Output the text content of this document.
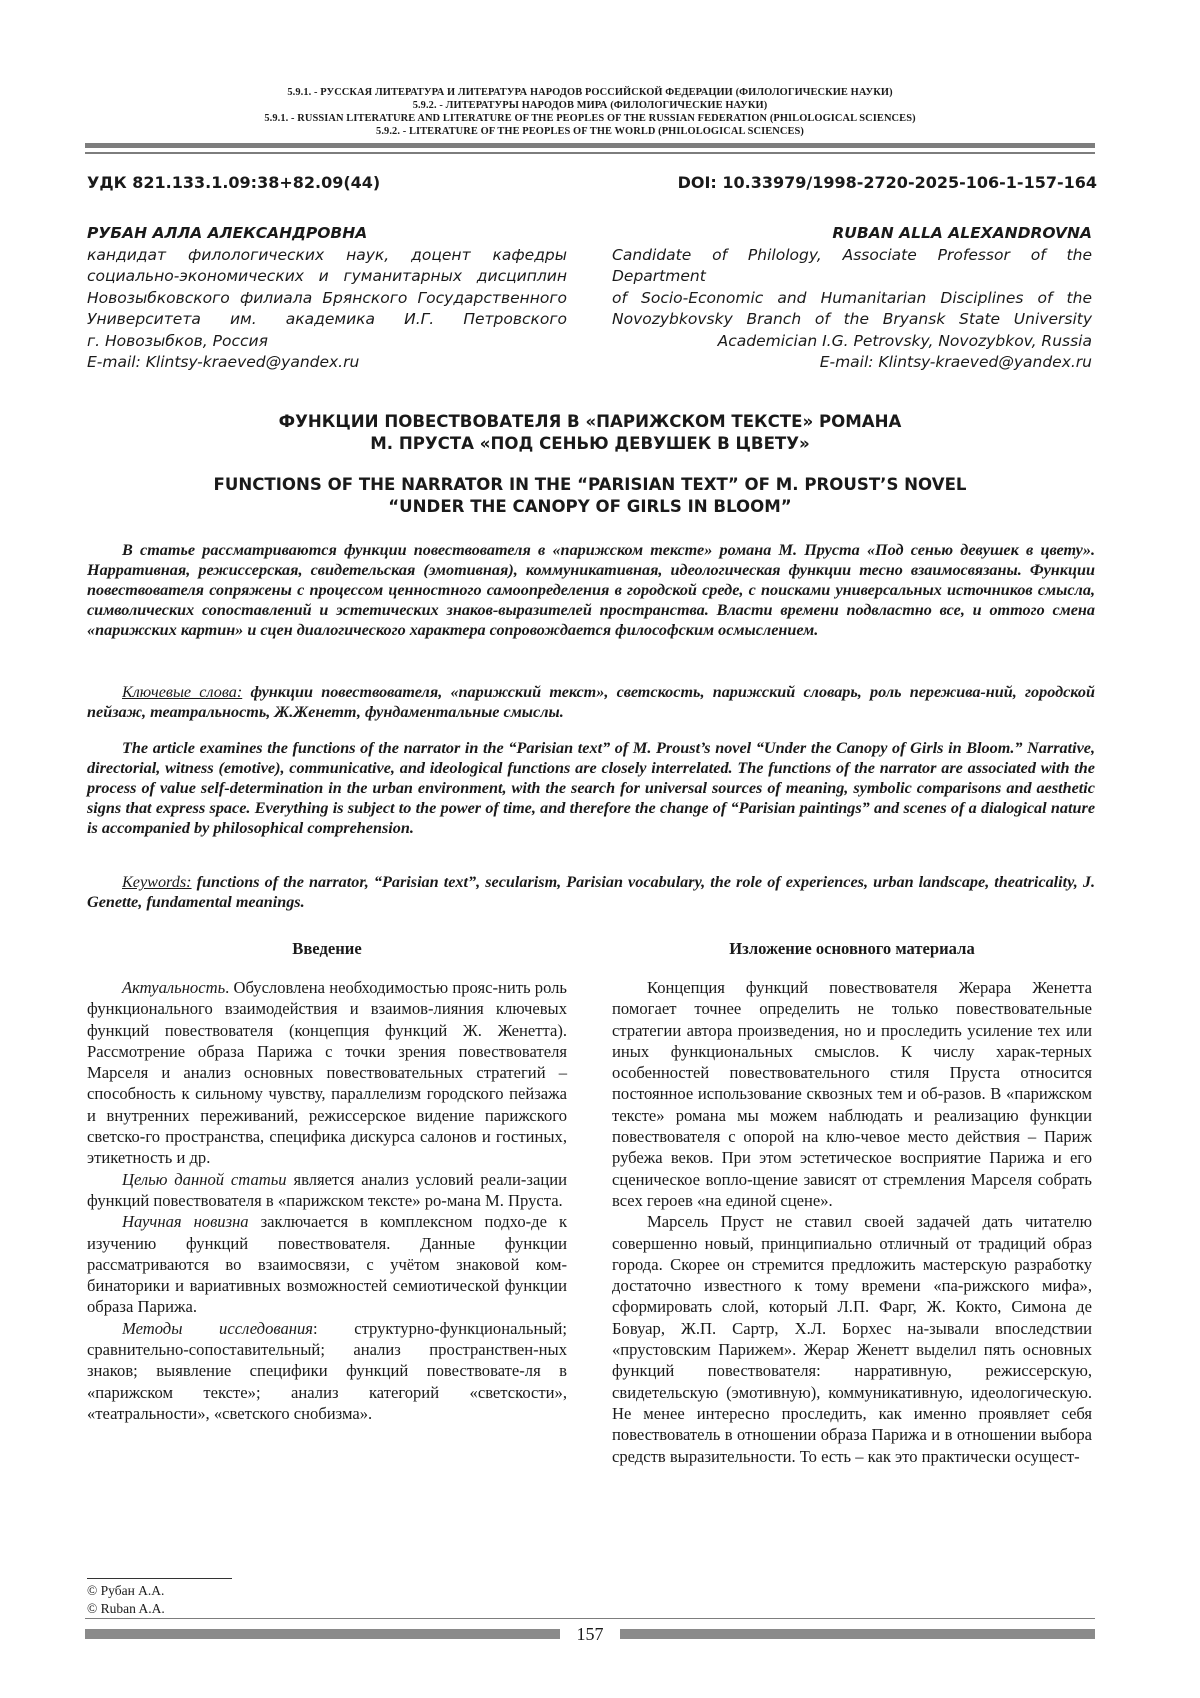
5.9.1. - РУССКАЯ ЛИТЕРАТУРА И ЛИТЕРАТУРА НАРОДОВ РОССИЙСКОЙ ФЕДЕРАЦИИ (ФИЛОЛОГИЧЕСКИЕ НАУКИ)
5.9.2. - ЛИТЕРАТУРЫ НАРОДОВ МИРА (ФИЛОЛОГИЧЕСКИЕ НАУКИ)
5.9.1. - RUSSIAN LITERATURE AND LITERATURE OF THE PEOPLES OF THE RUSSIAN FEDERATION (PHILOLOGICAL SCIENCES)
5.9.2. - LITERATURE OF THE PEOPLES OF THE WORLD (PHILOLOGICAL SCIENCES)
УДК 821.133.1.09:38+82.09(44)	DOI: 10.33979/1998-2720-2025-106-1-157-164
РУБАН АЛЛА АЛЕКСАНДРОВНА
кандидат филологических наук, доцент кафедры
социально-экономических и гуманитарных дисциплин
Новозыбковского филиала Брянского Государственного
Университета им. академика И.Г. Петровского
г. Новозыбков, Россия
E-mail: Klintsy-kraeved@yandex.ru
RUBAN ALLA ALEXANDROVNA
Candidate of Philology, Associate Professor of the Department
of Socio-Economic and Humanitarian Disciplines of the
Novozybkovsky Branch of the Bryansk State University
Academician I.G. Petrovsky, Novozybkov, Russia
E-mail: Klintsy-kraeved@yandex.ru
ФУНКЦИИ ПОВЕСТВОВАТЕЛЯ В «ПАРИЖСКОМ ТЕКСТЕ» РОМАНА
М. ПРУСТА «ПОД СЕНЬЮ ДЕВУШЕК В ЦВЕТУ»
FUNCTIONS OF THE NARRATOR IN THE “PARISIAN TEXT” OF M. PROUST’S NOVEL
“UNDER THE CANOPY OF GIRLS IN BLOOM”
В статье рассматриваются функции повествователя в «парижском тексте» романа М. Пруста «Под сенью девушек в цвету». Нарративная, режиссерская, свидетельская (эмотивная), коммуникативная, идеологическая функции тесно взаимосвязаны. Функции повествователя сопряжены с процессом ценностного самоопределения в городской среде, с поисками универсальных источников смысла, символических сопоставлений и эстетических знаков-выразителей пространства. Власти времени подвластно все, и оттого смена «парижских картин» и сцен диалогического характера сопровождается философским осмыслением.
Ключевые слова: функции повествователя, «парижский текст», светскость, парижский словарь, роль пережива-ний, городской пейзаж, театральность, Ж.Женетт, фундаментальные смыслы.
The article examines the functions of the narrator in the “Parisian text” of M. Proust’s novel “Under the Canopy of Girls in Bloom.” Narrative, directorial, witness (emotive), communicative, and ideological functions are closely interrelated. The functions of the narrator are associated with the process of value self-determination in the urban environment, with the search for universal sources of meaning, symbolic comparisons and aesthetic signs that express space. Everything is subject to the power of time, and therefore the change of “Parisian paintings” and scenes of a dialogical nature is accompanied by philosophical comprehension.
Keywords: functions of the narrator, “Parisian text”, secularism, Parisian vocabulary, the role of experiences, urban landscape, theatricality, J. Genette, fundamental meanings.
Введение

Актуальность. Обусловлена необходимостью прояс-нить роль функционального взаимодействия и взаимов-лияния ключевых функций повествователя (концепция функций Ж. Женетта). Рассмотрение образа Парижа с точки зрения повествователя Марселя и анализ основных повествовательных стратегий – способность к сильному чувству, параллелизм городского пейзажа и внутренних переживаний, режиссерское видение парижского светско-го пространства, специфика дискурса салонов и гостиных, этикетность и др.

Целью данной статьи является анализ условий реали-зации функций повествователя в «парижском тексте» ро-мана М. Пруста.

Научная новизна заключается в комплексном подхо-де к изучению функций повествователя. Данные функции рассматриваются во взаимосвязи, с учётом знаковой ком-бинаторики и вариативных возможностей семиотической функции образа Парижа.

Методы исследования: структурно-функциональный; сравнительно-сопоставительный; анализ пространствен-ных знаков; выявление специфики функций повествовате-ля в «парижском тексте»; анализ категорий «светскости», «театральности», «светского снобизма».

Изложение основного материала

Концепция функций повествователя Жерара Женетта помогает точнее определить не только повествовательные стратегии автора произведения, но и проследить усиление тех или иных функциональных смыслов. К числу харак-терных особенностей повествовательного стиля Пруста относится постоянное использование сквозных тем и об-разов. В «парижском тексте» романа мы можем наблюдать и реализацию функции повествователя с опорой на клю-чевое место действия – Париж рубежа веков. При этом эстетическое восприятие Парижа и его сценическое вопло-щение зависят от стремления Марселя собрать всех героев «на единой сцене».

Марсель Пруст не ставил своей задачей дать читателю совершенно новый, принципиально отличный от традиций образ города. Скорее он стремится предложить мастерскую разработку достаточно известного к тому времени «па-рижского мифа», сформировать слой, который Л.П. Фарг, Ж. Кокто, Симона де Бовуар, Ж.П. Сартр, Х.Л. Борхес на-зывали впоследствии «прустовским Парижем». Жерар Женетт выделил пять основных функций повествователя: нарративную, режиссерскую, свидетельскую (эмотивную), коммуникативную, идеологическую. Не менее интересно проследить, как именно проявляет себя повествователь в отношении образа Парижа и в отношении выбора средств выразительности. То есть – как это практически осущест-

© Рубан А.А.
© Ruban A.A.
157
